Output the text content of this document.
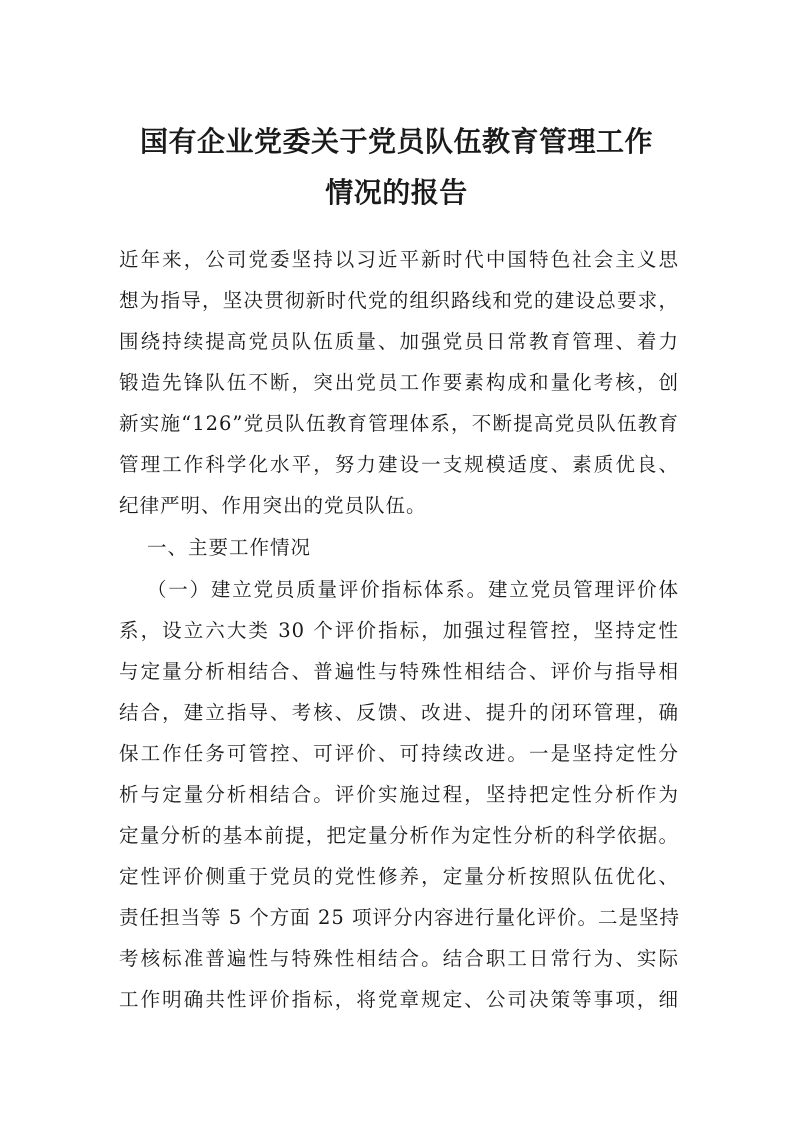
国有企业党委关于党员队伍教育管理工作
情况的报告
近年来，公司党委坚持以习近平新时代中国特色社会主义思
想为指导，坚决贯彻新时代党的组织路线和党的建设总要求，
围绕持续提高党员队伍质量、加强党员日常教育管理、着力
锻造先锋队伍不断，突出党员工作要素构成和量化考核，创
新实施“126”党员队伍教育管理体系，不断提高党员队伍教育
管理工作科学化水平，努力建设一支规模适度、素质优良、
纪律严明、作用突出的党员队伍。
一、主要工作情况
（一）建立党员质量评价指标体系。建立党员管理评价体
系，设立六大类 30 个评价指标，加强过程管控，坚持定性
与定量分析相结合、普遍性与特殊性相结合、评价与指导相
结合，建立指导、考核、反馈、改进、提升的闭环管理，确
保工作任务可管控、可评价、可持续改进。一是坚持定性分
析与定量分析相结合。评价实施过程，坚持把定性分析作为
定量分析的基本前提，把定量分析作为定性分析的科学依据。
定性评价侧重于党员的党性修养，定量分析按照队伍优化、
责任担当等 5 个方面 25 项评分内容进行量化评价。二是坚持
考核标准普遍性与特殊性相结合。结合职工日常行为、实际
工作明确共性评价指标，将党章规定、公司决策等事项，细
